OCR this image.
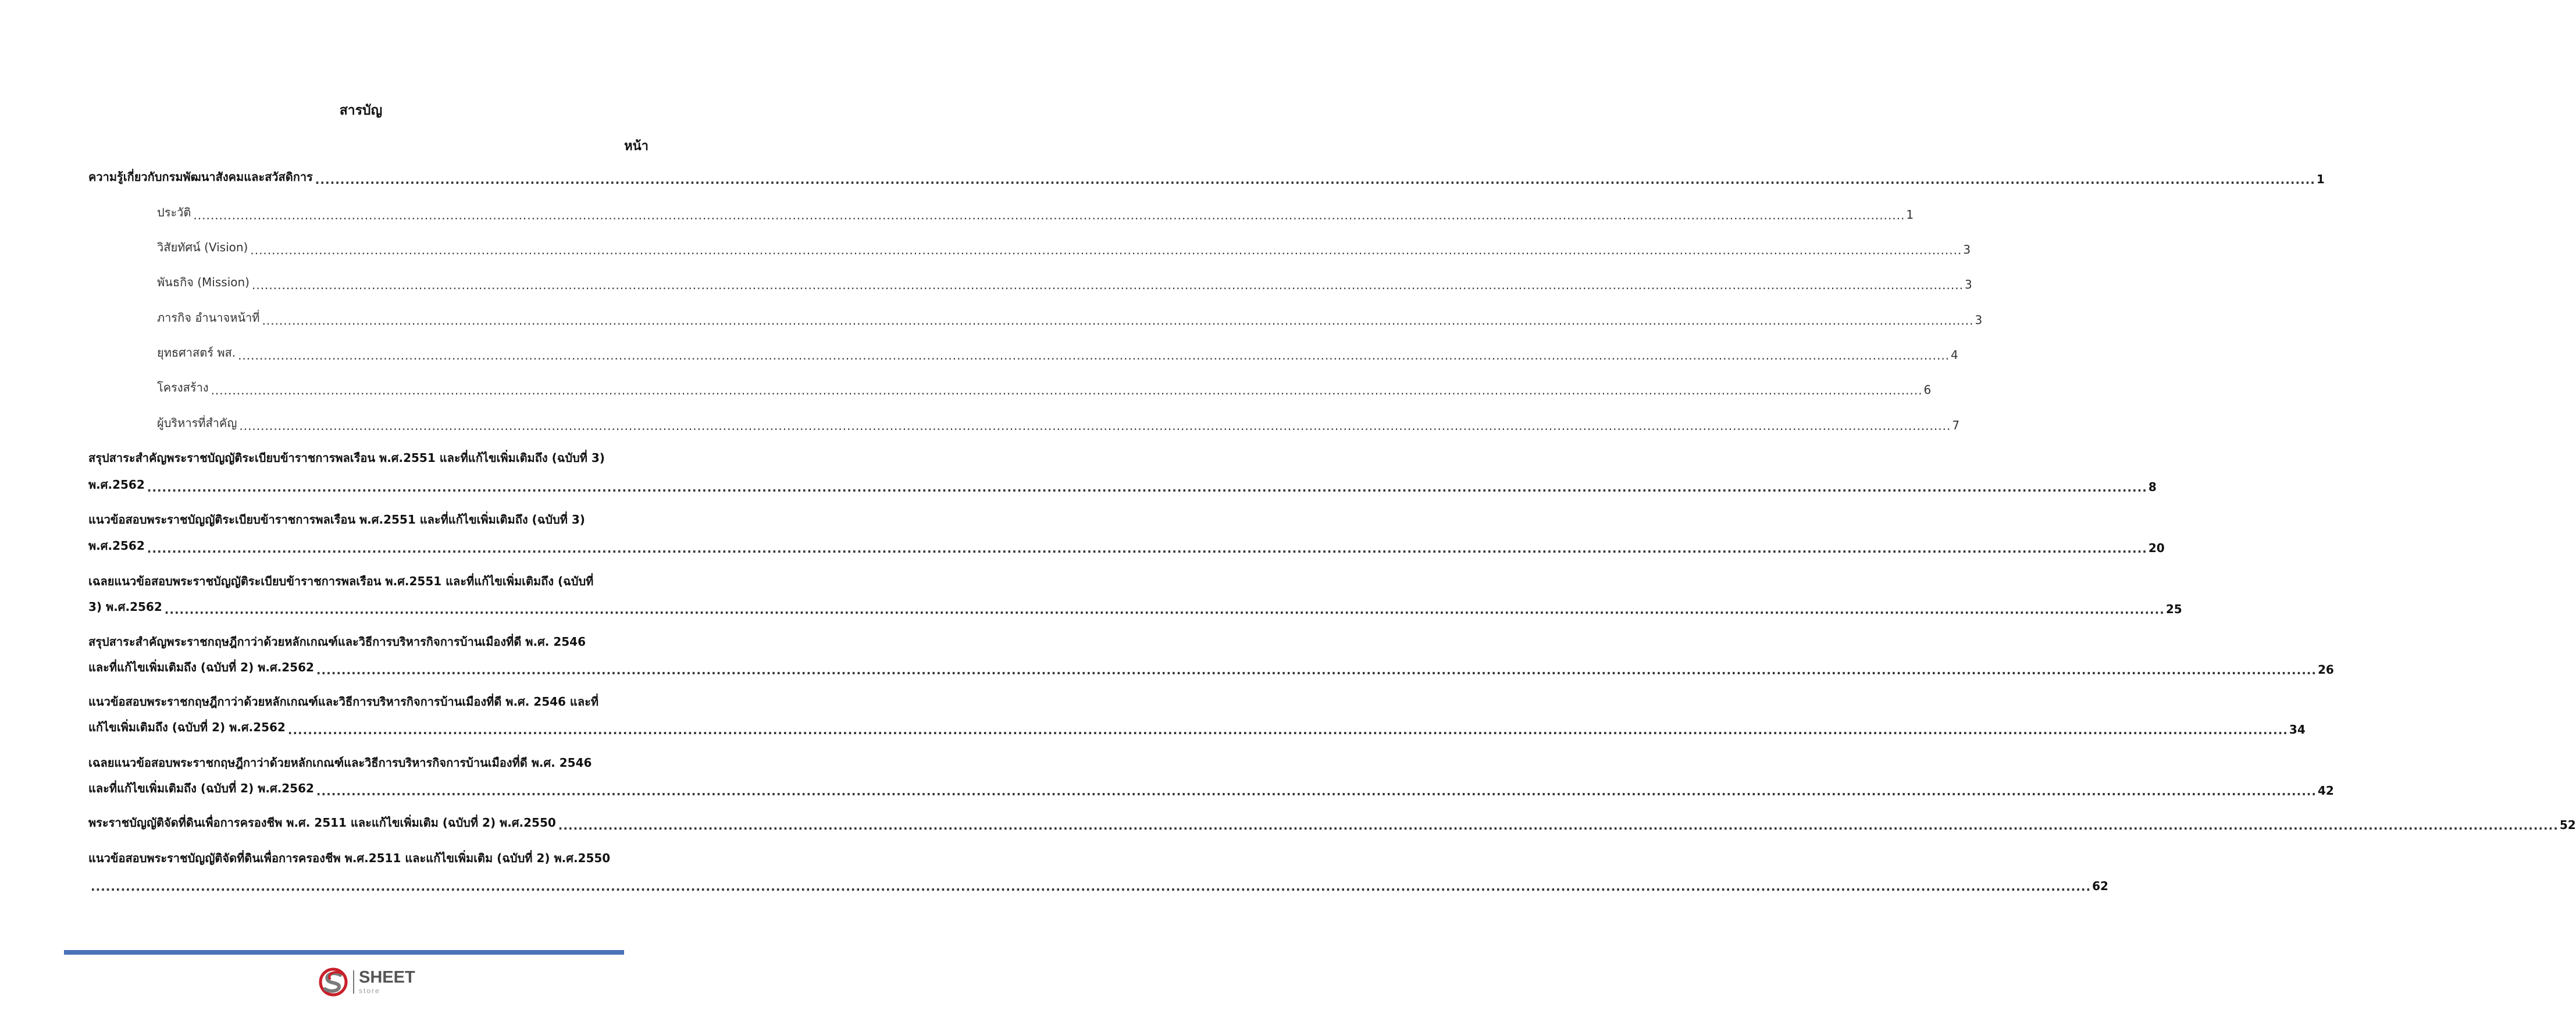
สารบัญ
หน้า
ความรู้เกี่ยวกับกรมพัฒนาสังคมและสวัสดิการ ................................................................................................................................................................................................................................................................................................................................................................................................................ 1
ประวัติ ................................................................................................................................................................................................................................................................................................................................................................................................................ 1
วิสัยทัศน์ (Vision) ................................................................................................................................................................................................................................................................................................................................................................................................................ 3
พันธกิจ (Mission) ................................................................................................................................................................................................................................................................................................................................................................................................................ 3
ภารกิจ อำนาจหน้าที่ ................................................................................................................................................................................................................................................................................................................................................................................................................ 3
ยุทธศาสตร์ พส. ................................................................................................................................................................................................................................................................................................................................................................................................................ 4
โครงสร้าง ................................................................................................................................................................................................................................................................................................................................................................................................................ 6
ผู้บริหารที่สำคัญ ................................................................................................................................................................................................................................................................................................................................................................................................................ 7
สรุปสาระสำคัญพระราชบัญญัติระเบียบข้าราชการพลเรือน พ.ศ.2551 และที่แก้ไขเพิ่มเติมถึง (ฉบับที่ 3)
พ.ศ.2562 ................................................................................................................................................................................................................................................................................................................................................................................................................ 8
แนวข้อสอบพระราชบัญญัติระเบียบข้าราชการพลเรือน พ.ศ.2551 และที่แก้ไขเพิ่มเติมถึง (ฉบับที่ 3)
พ.ศ.2562 ................................................................................................................................................................................................................................................................................................................................................................................................................ 20
เฉลยแนวข้อสอบพระราชบัญญัติระเบียบข้าราชการพลเรือน พ.ศ.2551 และที่แก้ไขเพิ่มเติมถึง (ฉบับที่
3) พ.ศ.2562 ................................................................................................................................................................................................................................................................................................................................................................................................................ 25
สรุปสาระสำคัญพระราชกฤษฎีกาว่าด้วยหลักเกณฑ์และวิธีการบริหารกิจการบ้านเมืองที่ดี พ.ศ. 2546
และที่แก้ไขเพิ่มเติมถึง (ฉบับที่ 2) พ.ศ.2562 ................................................................................................................................................................................................................................................................................................................................................................................................................ 26
แนวข้อสอบพระราชกฤษฎีกาว่าด้วยหลักเกณฑ์และวิธีการบริหารกิจการบ้านเมืองที่ดี พ.ศ. 2546 และที่
แก้ไขเพิ่มเติมถึง (ฉบับที่ 2) พ.ศ.2562 ................................................................................................................................................................................................................................................................................................................................................................................................................ 34
เฉลยแนวข้อสอบพระราชกฤษฎีกาว่าด้วยหลักเกณฑ์และวิธีการบริหารกิจการบ้านเมืองที่ดี พ.ศ. 2546
และที่แก้ไขเพิ่มเติมถึง (ฉบับที่ 2) พ.ศ.2562 ................................................................................................................................................................................................................................................................................................................................................................................................................ 42
พระราชบัญญัติจัดที่ดินเพื่อการครองชีพ พ.ศ. 2511 และแก้ไขเพิ่มเติม (ฉบับที่ 2) พ.ศ.2550 ................................................................................................................................................................................................................................................................................................................................................................................................................ 52
แนวข้อสอบพระราชบัญญัติจัดที่ดินเพื่อการครองชีพ พ.ศ.2511 และแก้ไขเพิ่มเติม (ฉบับที่ 2) พ.ศ.2550
................................................................................................................................................................................................................................................................................................................................................................................................................ 62
SHEET
store
